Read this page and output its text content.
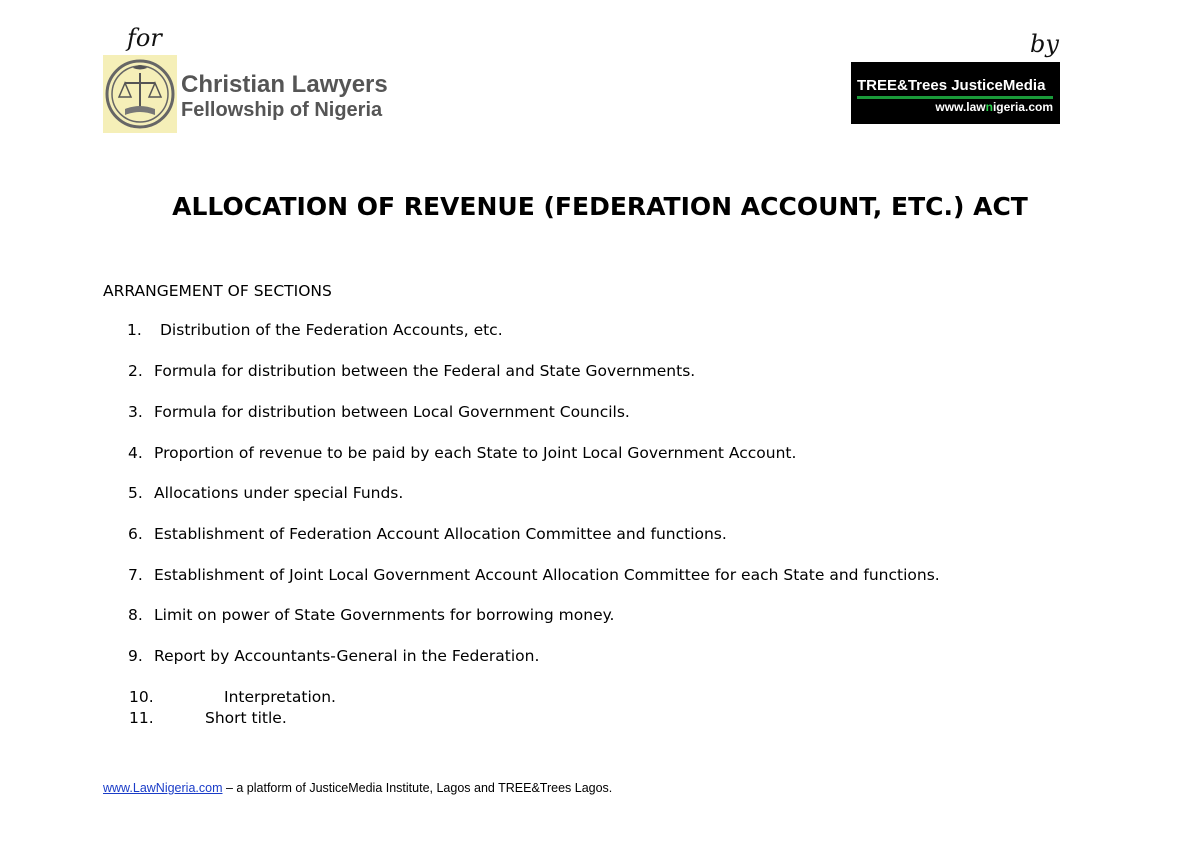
for	by
Christian Lawyers
Fellowship of Nigeria
TREE&Trees JusticeMedia
www.lawnigeria.com
ALLOCATION OF REVENUE (FEDERATION ACCOUNT, ETC.) ACT
ARRANGEMENT OF SECTIONS
1. Distribution of the Federation Accounts, etc.
2. Formula for distribution between the Federal and State Governments.
3. Formula for distribution between Local Government Councils.
4. Proportion of revenue to be paid by each State to Joint Local Government Account.
5. Allocations under special Funds.
6. Establishment of Federation Account Allocation Committee and functions.
7. Establishment of Joint Local Government Account Allocation Committee for each State and functions.
8. Limit on power of State Governments for borrowing money.
9. Report by Accountants-General in the Federation.
10.	Interpretation.
11.	Short title.
www.LawNigeria.com – a platform of JusticeMedia Institute, Lagos and TREE&Trees Lagos.
